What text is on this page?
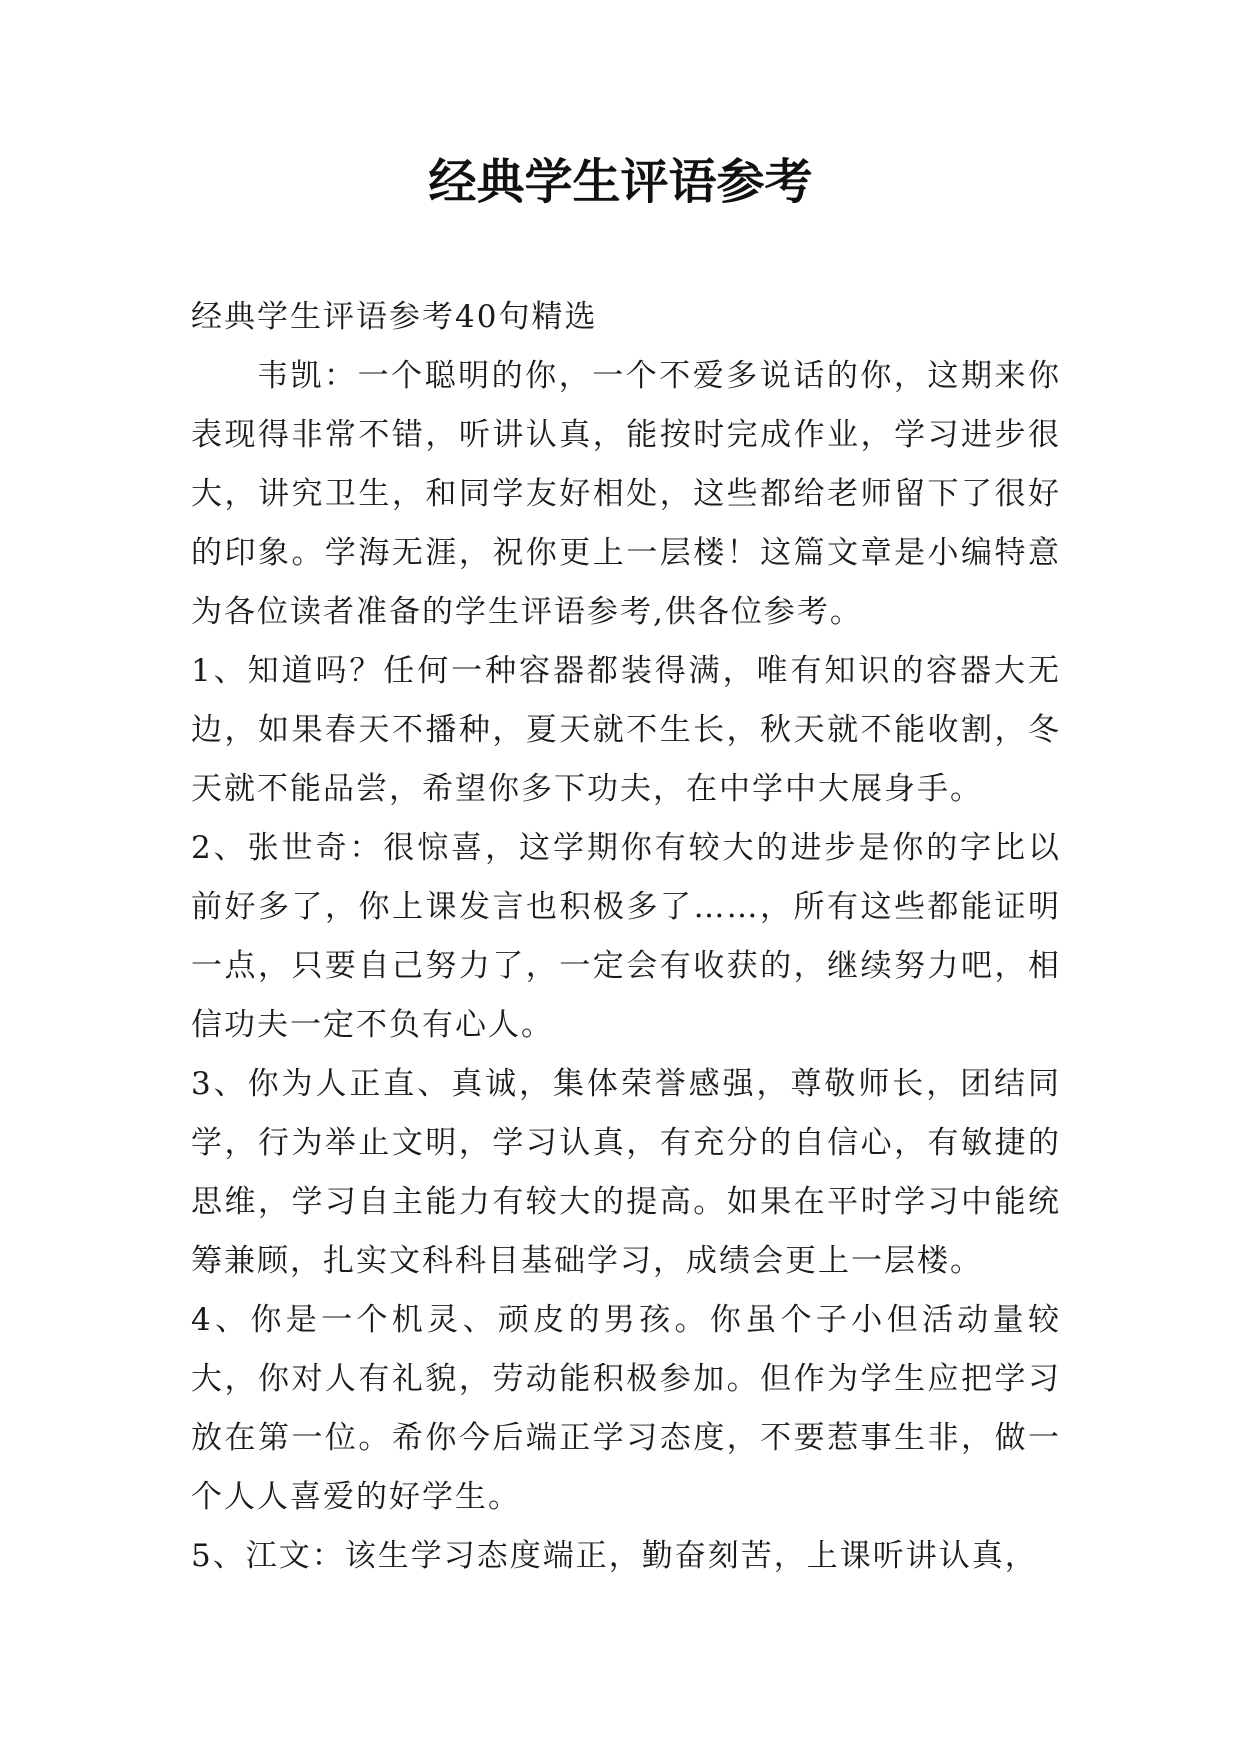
经典学生评语参考

经典学生评语参考40句精选

韦凯：一个聪明的你，一个不爱多说话的你，这期来你表现得非常不错，听讲认真，能按时完成作业，学习进步很大，讲究卫生，和同学友好相处，这些都给老师留下了很好的印象。学海无涯，祝你更上一层楼！这篇文章是小编特意为各位读者准备的学生评语参考,供各位参考。

1、知道吗？任何一种容器都装得满，唯有知识的容器大无边，如果春天不播种，夏天就不生长，秋天就不能收割，冬天就不能品尝，希望你多下功夫，在中学中大展身手。

2、张世奇：很惊喜，这学期你有较大的进步是你的字比以前好多了，你上课发言也积极多了……，所有这些都能证明一点，只要自己努力了，一定会有收获的，继续努力吧，相信功夫一定不负有心人。

3、你为人正直、真诚，集体荣誉感强，尊敬师长，团结同学，行为举止文明，学习认真，有充分的自信心，有敏捷的思维，学习自主能力有较大的提高。如果在平时学习中能统筹兼顾，扎实文科科目基础学习，成绩会更上一层楼。

4、你是一个机灵、顽皮的男孩。你虽个子小但活动量较大，你对人有礼貌，劳动能积极参加。但作为学生应把学习放在第一位。希你今后端正学习态度，不要惹事生非，做一个人人喜爱的好学生。

5、江文：该生学习态度端正，勤奋刻苦，上课听讲认真，
